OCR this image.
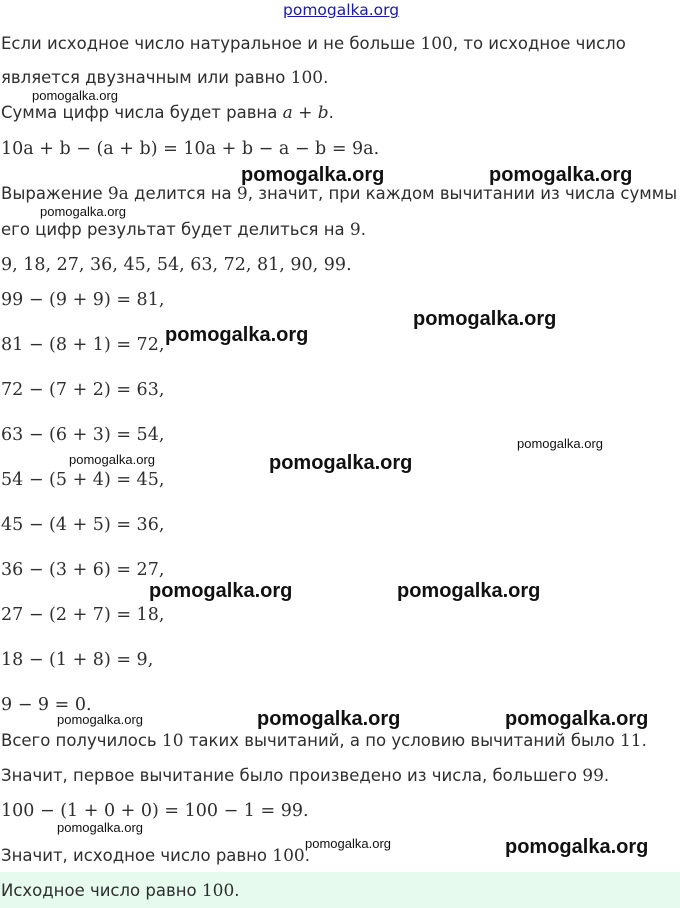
pomogalka.org
Если исходное число натуральное и не больше 100, то исходное число
является двузначным или равно 100.
Сумма цифр числа будет равна a + b.
10a + b − (a + b) = 10a + b − a − b = 9a.
Выражение 9a делится на 9, значит, при каждом вычитании из числа суммы
его цифр результат будет делиться на 9.
9, 18, 27, 36, 45, 54, 63, 72, 81, 90, 99.
99 − (9 + 9) = 81,
81 − (8 + 1) = 72,
72 − (7 + 2) = 63,
63 − (6 + 3) = 54,
54 − (5 + 4) = 45,
45 − (4 + 5) = 36,
36 − (3 + 6) = 27,
27 − (2 + 7) = 18,
18 − (1 + 8) = 9,
9 − 9 = 0.
Всего получилось 10 таких вычитаний, а по условию вычитаний было 11.
Значит, первое вычитание было произведено из числа, большего 99.
100 − (1 + 0 + 0) = 100 − 1 = 99.
Значит, исходное число равно 100.
Исходное число равно 100.
pomogalka.org
pomogalka.org	pomogalka.org
pomogalka.org
pomogalka.org
pomogalka.org
pomogalka.org
pomogalka.org	pomogalka.org
pomogalka.org	pomogalka.org
pomogalka.org	pomogalka.org	pomogalka.org
pomogalka.org
pomogalka.org	pomogalka.org
